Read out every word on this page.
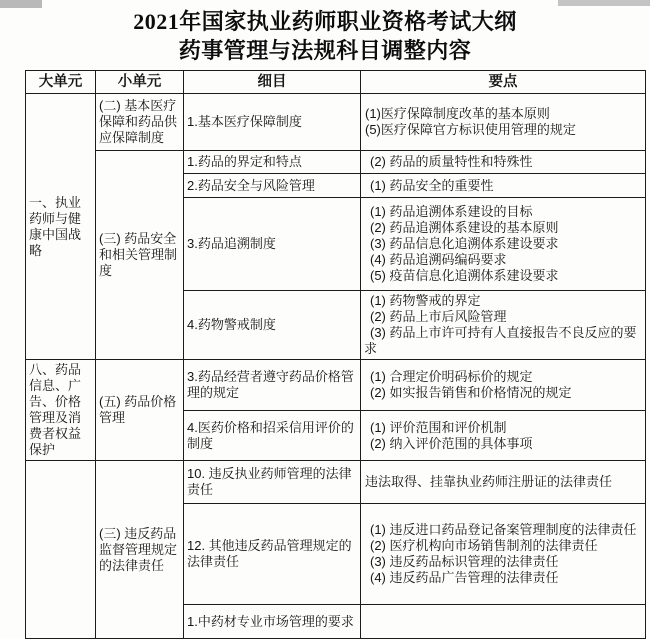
2021年国家执业药师职业资格考试大纲
药事管理与法规科目调整内容
大单元	小单元	细目	要点
一、执业药师与健康中国战略	(二) 基本医疗保障和药品供应保障制度	1.基本医疗保障制度	(1)医疗保障制度改革的基本原则
(5)医疗保障官方标识使用管理的规定

	(三) 药品安全和相关管理制度	1.药品的界定和特点	(2) 药品的质量特性和特殊性

		2.药品安全与风险管理	(1) 药品安全的重要性

		3.药品追溯制度	(1) 药品追溯体系建设的目标
(2) 药品追溯体系建设的基本原则
(3) 药品信息化追溯体系建设要求
(4) 药品追溯码编码要求
(5) 疫苗信息化追溯体系建设要求

		4.药物警戒制度	(1) 药物警戒的界定
(2) 药品上市后风险管理
(3) 药品上市许可持有人直接报告不良反应的要求

八、药品信息、广告、价格管理及消费者权益保护	(五) 药品价格管理	3.药品经营者遵守药品价格管理的规定	(1) 合理定价明码标价的规定
(2) 如实报告销售和价格情况的规定

		4.医药价格和招采信用评价的制度	(1) 评价范围和评价机制
(2) 纳入评价范围的具体事项

	(三) 违反药品监督管理规定的法律责任	10. 违反执业药师管理的法律责任	违法取得、挂靠执业药师注册证的法律责任

		12. 其他违反药品管理规定的法律责任	(1) 违反进口药品登记备案管理制度的法律责任
(2) 医疗机构向市场销售制剂的法律责任
(3) 违反药品标识管理的法律责任
(4) 违反药品广告管理的法律责任

		1.中药材专业市场管理的要求	
